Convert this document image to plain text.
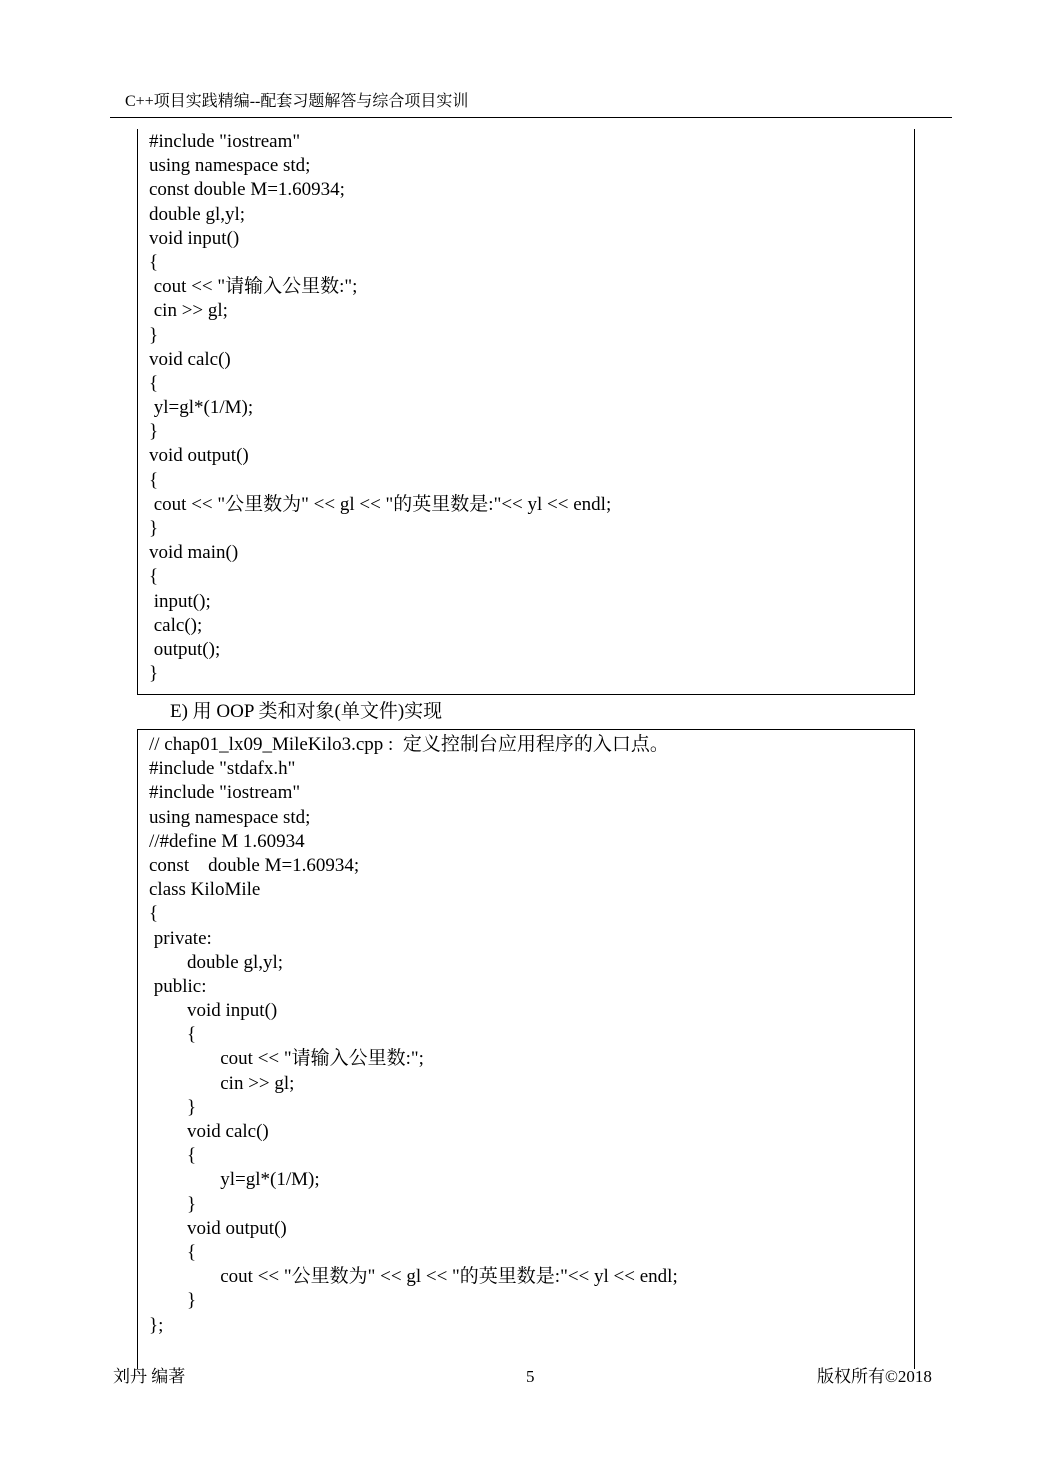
C++项目实践精编--配套习题解答与综合项目实训
#include "iostream"
using namespace std;
const double M=1.60934;
double gl,yl;
void input()
{
cout << "请输入公里数:";
cin >> gl;
}
void calc()
{
yl=gl*(1/M);
}
void output()
{
cout << "公里数为" << gl << "的英里数是:"<< yl << endl;
}
void main()
{
input();
calc();
output();
}
E) 用 OOP 类和对象(单文件)实现
// chap01_lx09_MileKilo3.cpp :  定义控制台应用程序的入口点。
#include "stdafx.h"
#include "iostream"
using namespace std;
//#define M 1.60934
const    double M=1.60934;
class KiloMile
{
private:
double gl,yl;
public:
void input()
{
cout << "请输入公里数:";
cin >> gl;
}
void calc()
{
yl=gl*(1/M);
}
void output()
{
cout << "公里数为" << gl << "的英里数是:"<< yl << endl;
}
};
刘丹 编著	5	版权所有©2018
